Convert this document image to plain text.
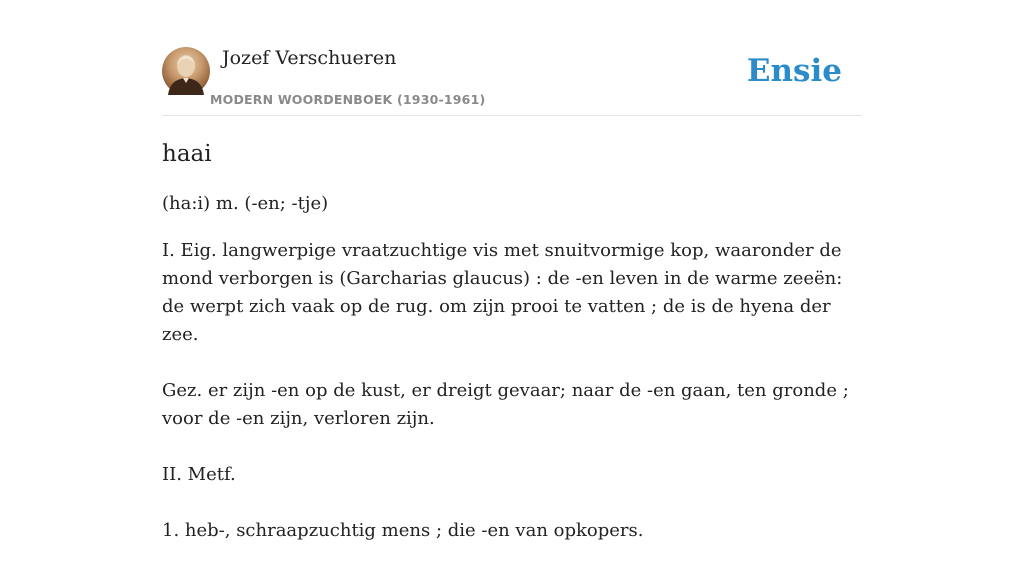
Jozef Verschueren
MODERN WOORDENBOEK (1930-1961)
Ensie
haai

(ha:i) m. (-en; -tje)

I. Eig. langwerpige vraatzuchtige vis met snuitvormige kop, waaronder de mond verborgen is (Garcharias glaucus) : de -en leven in de warme zeeën: de werpt zich vaak op de rug. om zijn prooi te vatten ; de is de hyena der zee.

Gez. er zijn -en op de kust, er dreigt gevaar; naar de -en gaan, ten gronde ; voor de -en zijn, verloren zijn.

II. Metf.

1. heb-, schraapzuchtig mens ; die -en van opkopers.
